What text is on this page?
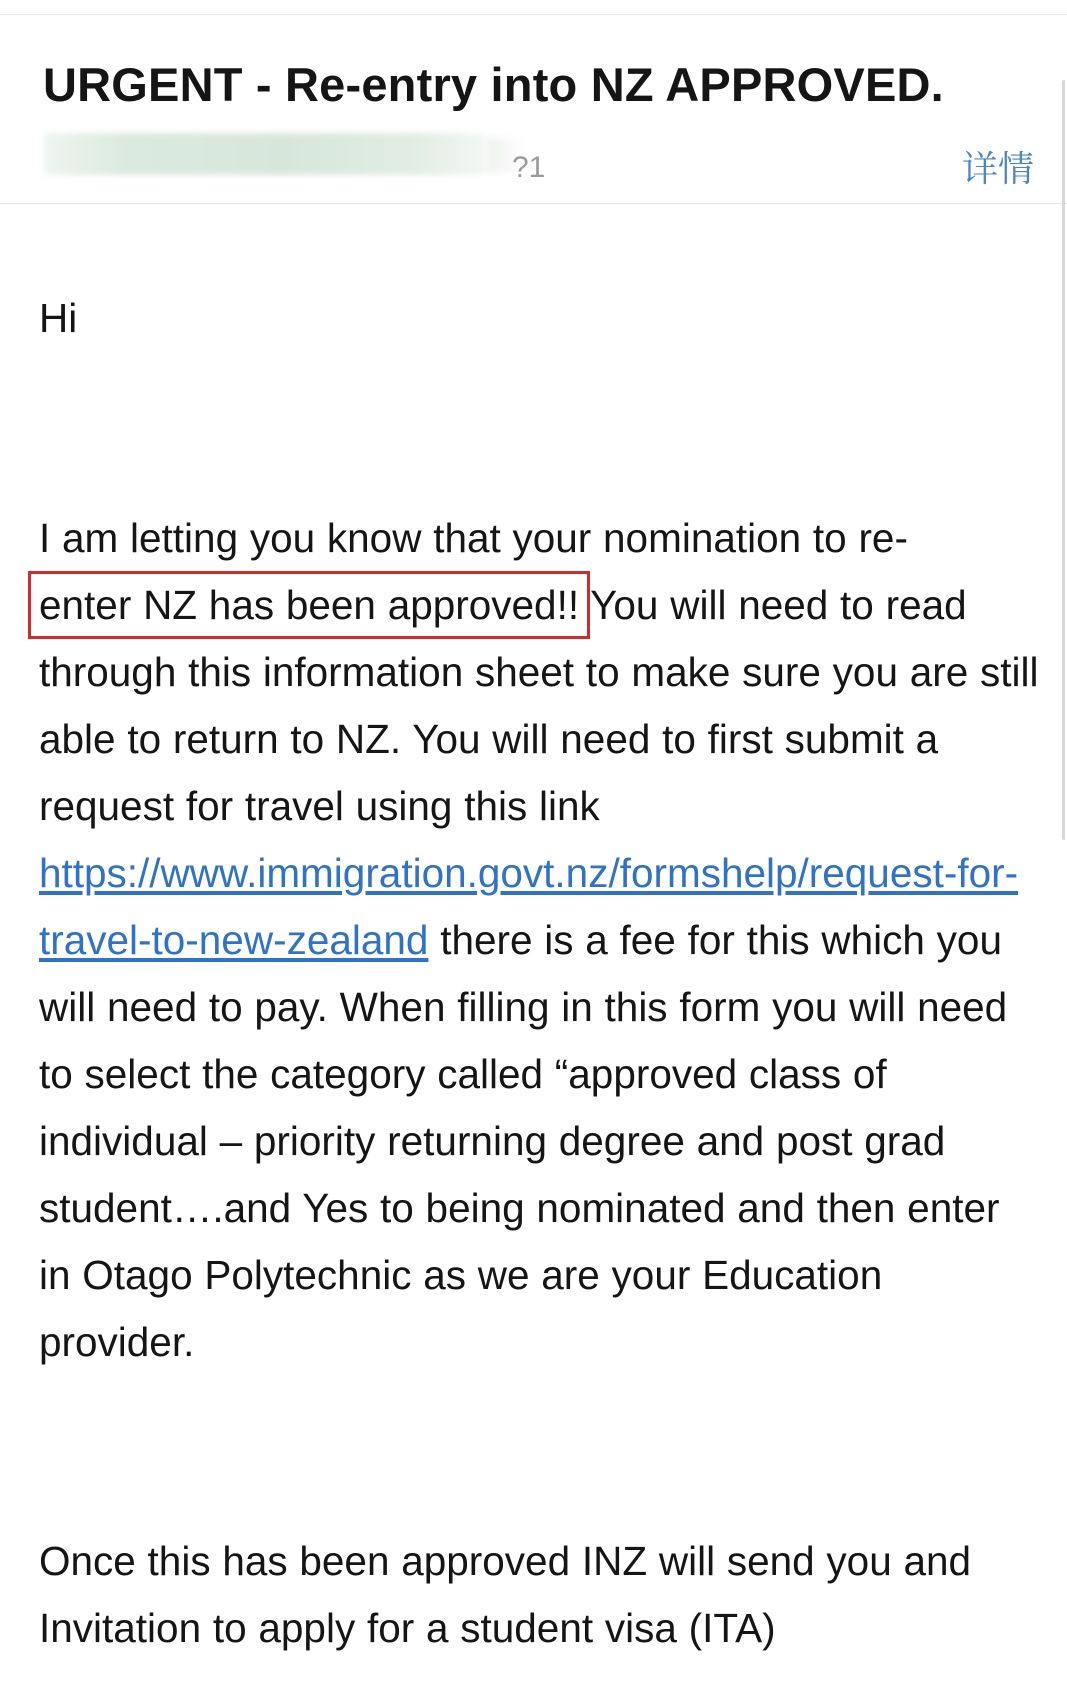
URGENT - Re-entry into NZ APPROVED.
?1	详情

Hi

I am letting you know that your nomination to re-
enter NZ has been approved!! You will need to read through this information sheet to make sure you are still able to return to NZ. You will need to first submit a request for travel using this link https://www.immigration.govt.nz/formshelp/request-for-travel-to-new-zealand there is a fee for this which you will need to pay. When filling in this form you will need to select the category called “approved class of individual – priority returning degree and post grad student….and Yes to being nominated and then enter in Otago Polytechnic as we are your Education provider.

Once this has been approved INZ will send you and Invitation to apply for a student visa (ITA)
